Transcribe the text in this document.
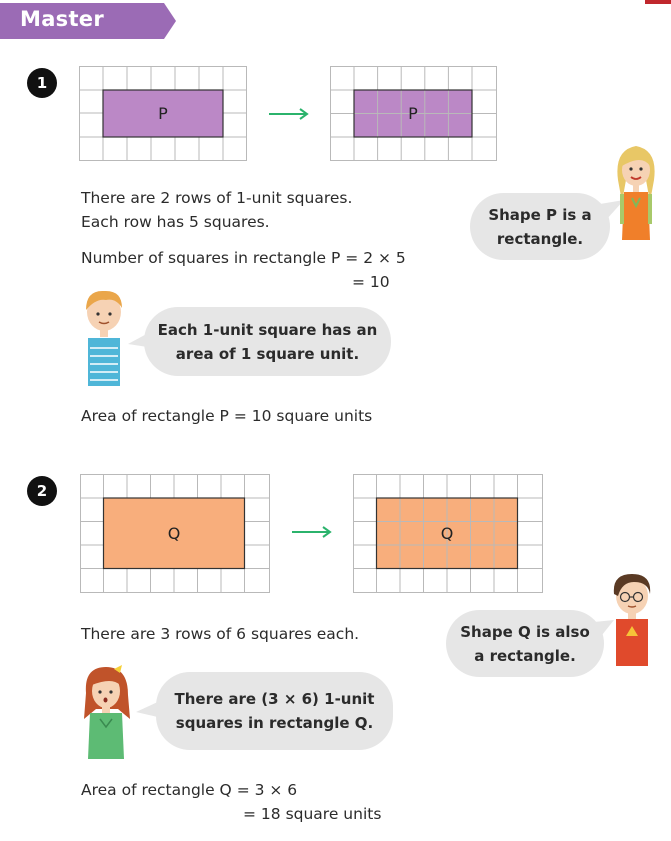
Master
1
P	P
There are 2 rows of 1-unit squares.
Each row has 5 squares.
Number of squares in rectangle P = 2 × 5
= 10
Shape P is a
rectangle.
Each 1-unit square has an
area of 1 square unit.
Area of rectangle P = 10 square units
2
Q	Q
There are 3 rows of 6 squares each.	Shape Q is also
a rectangle.
There are (3 × 6) 1-unit
squares in rectangle Q.
Area of rectangle Q = 3 × 6
= 18 square units
